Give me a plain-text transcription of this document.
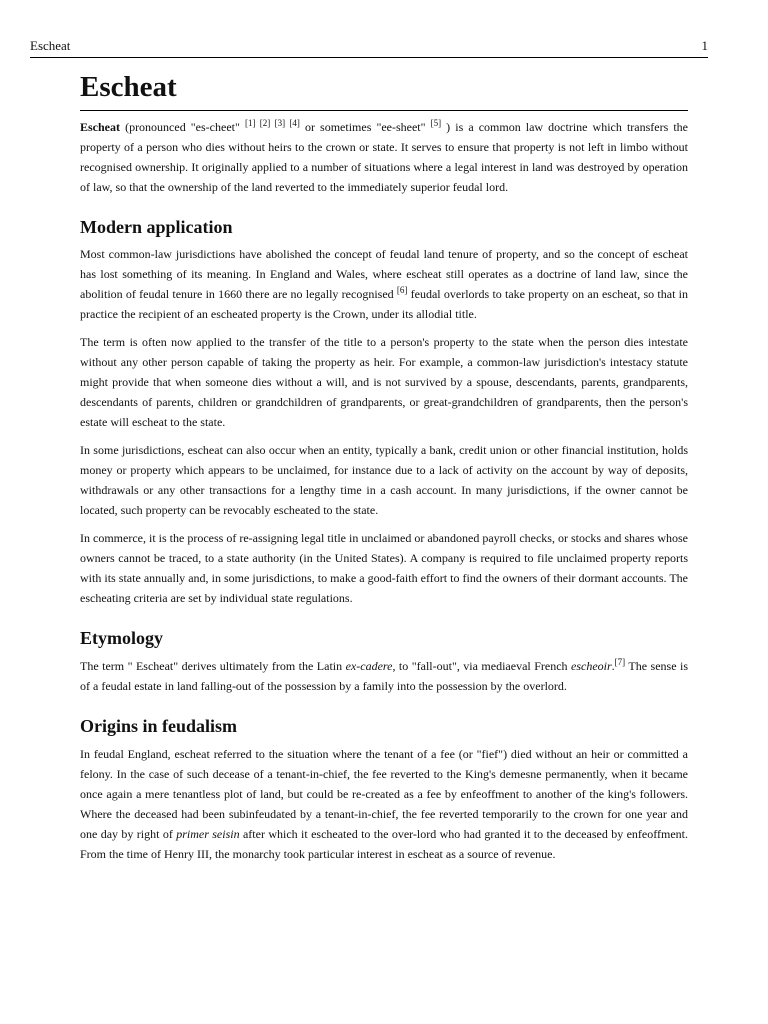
Escheat	1
Escheat

Escheat (pronounced "es-cheet" [1] [2] [3] [4] or sometimes "ee-sheet" [5] ) is a common law doctrine which transfers the property of a person who dies without heirs to the crown or state. It serves to ensure that property is not left in limbo without recognised ownership. It originally applied to a number of situations where a legal interest in land was destroyed by operation of law, so that the ownership of the land reverted to the immediately superior feudal lord.

Modern application

Most common-law jurisdictions have abolished the concept of feudal land tenure of property, and so the concept of escheat has lost something of its meaning. In England and Wales, where escheat still operates as a doctrine of land law, since the abolition of feudal tenure in 1660 there are no legally recognised [6] feudal overlords to take property on an escheat, so that in practice the recipient of an escheated property is the Crown, under its allodial title.

The term is often now applied to the transfer of the title to a person's property to the state when the person dies intestate without any other person capable of taking the property as heir. For example, a common-law jurisdiction's intestacy statute might provide that when someone dies without a will, and is not survived by a spouse, descendants, parents, grandparents, descendants of parents, children or grandchildren of grandparents, or great-grandchildren of grandparents, then the person's estate will escheat to the state.

In some jurisdictions, escheat can also occur when an entity, typically a bank, credit union or other financial institution, holds money or property which appears to be unclaimed, for instance due to a lack of activity on the account by way of deposits, withdrawals or any other transactions for a lengthy time in a cash account. In many jurisdictions, if the owner cannot be located, such property can be revocably escheated to the state.

In commerce, it is the process of re-assigning legal title in unclaimed or abandoned payroll checks, or stocks and shares whose owners cannot be traced, to a state authority (in the United States). A company is required to file unclaimed property reports with its state annually and, in some jurisdictions, to make a good-faith effort to find the owners of their dormant accounts. The escheating criteria are set by individual state regulations.

Etymology

The term " Escheat" derives ultimately from the Latin ex-cadere, to "fall-out", via mediaeval French escheoir.[7] The sense is of a feudal estate in land falling-out of the possession by a family into the possession by the overlord.

Origins in feudalism

In feudal England, escheat referred to the situation where the tenant of a fee (or "fief") died without an heir or committed a felony. In the case of such decease of a tenant-in-chief, the fee reverted to the King's demesne permanently, when it became once again a mere tenantless plot of land, but could be re-created as a fee by enfeoffment to another of the king's followers. Where the deceased had been subinfeudated by a tenant-in-chief, the fee reverted temporarily to the crown for one year and one day by right of primer seisin after which it escheated to the over-lord who had granted it to the deceased by enfeoffment. From the time of Henry III, the monarchy took particular interest in escheat as a source of revenue.
